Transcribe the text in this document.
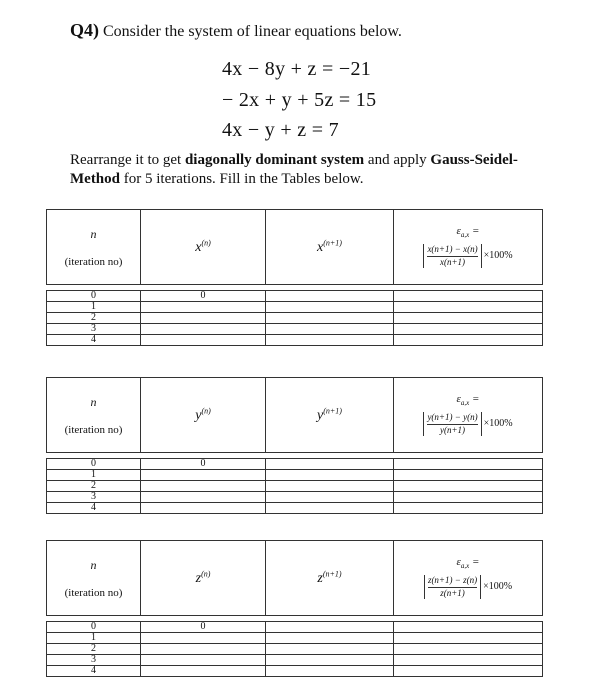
Q4) Consider the system of linear equations below.
4x − 8y + z = −21
− 2x + y + 5z = 15
4x − y + z = 7
Rearrange it to get diagonally dominant system and apply Gauss-Seidel-Method for 5 iterations. Fill in the Tables below.
n
(iteration no)	$x^{(n)}$	$x^{(n+1)}$	$\varepsilon_{a,x}$ =
$\frac{x(n+1) - x(n)}{x(n+1)} \times 100\%$

0	0		
1			
2			
3			
4			
n
(iteration no)	$y^{(n)}$	$y^{(n+1)}$	$\varepsilon_{a,x}$ =
$\frac{y(n+1) - y(n)}{y(n+1)} \times 100\%$

0	0		
1			
2			
3			
4			
n
(iteration no)	$z^{(n)}$	$z^{(n+1)}$	$\varepsilon_{a,x}$ =
$\frac{z(n+1) - z(n)}{z(n+1)} \times 100\%$

0	0		
1			
2			
3			
4			
